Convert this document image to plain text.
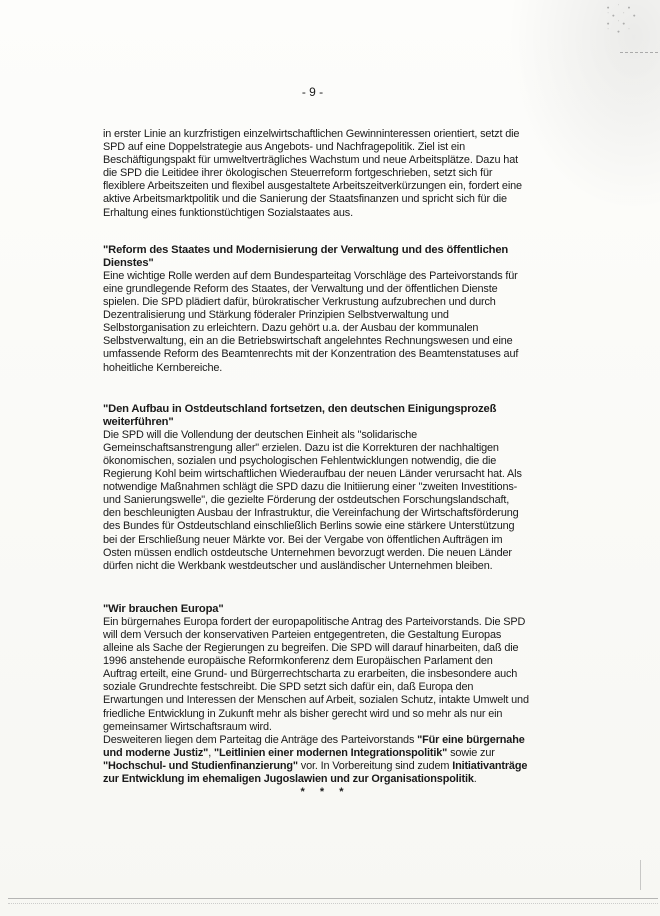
∙ ˙ ∙
˙∙ ˙ ∙
∙ ˙∙
˙ ∙ ˙
- 9 -

in erster Linie an kurzfristigen einzelwirtschaftlichen Gewinninteressen orientiert, setzt die SPD auf eine Doppelstrategie aus Angebots- und Nachfragepolitik. Ziel ist ein Beschäftigungspakt für umweltverträgliches Wachstum und neue Arbeitsplätze. Dazu hat die SPD die Leitidee ihrer ökologischen Steuerreform fortgeschrieben, setzt sich für flexiblere Arbeitszeiten und flexibel ausgestaltete Arbeitszeitverkürzungen ein, fordert eine aktive Arbeitsmarktpolitik und die Sanierung der Staatsfinanzen und spricht sich für die Erhaltung eines funktionstüchtigen Sozialstaates aus.

"Reform des Staates und Modernisierung der Verwaltung und des öffentlichen Dienstes"

Eine wichtige Rolle werden auf dem Bundesparteitag Vorschläge des Parteivorstands für eine grundlegende Reform des Staates, der Verwaltung und der öffentlichen Dienste spielen. Die SPD plädiert dafür, bürokratischer Verkrustung aufzubrechen und durch Dezentralisierung und Stärkung föderaler Prinzipien Selbstverwaltung und Selbstorganisation zu erleichtern. Dazu gehört u.a. der Ausbau der kommunalen Selbstverwaltung, ein an die Betriebswirtschaft angelehntes Rechnungswesen und eine umfassende Reform des Beamtenrechts mit der Konzentration des Beamtenstatuses auf hoheitliche Kernbereiche.

"Den Aufbau in Ostdeutschland fortsetzen, den deutschen Einigungsprozeß weiterführen"

Die SPD will die Vollendung der deutschen Einheit als "solidarische Gemeinschaftsanstrengung aller" erzielen. Dazu ist die Korrekturen der nachhaltigen ökonomischen, sozialen und psychologischen Fehlentwicklungen notwendig, die die Regierung Kohl beim wirtschaftlichen Wiederaufbau der neuen Länder verursacht hat. Als notwendige Maßnahmen schlägt die SPD dazu die Initiierung einer "zweiten Investitions- und Sanierungswelle", die gezielte Förderung der ostdeutschen Forschungslandschaft, den beschleunigten Ausbau der Infrastruktur, die Vereinfachung der Wirtschaftsförderung des Bundes für Ostdeutschland einschließlich Berlins sowie eine stärkere Unterstützung bei der Erschließung neuer Märkte vor. Bei der Vergabe von öffentlichen Aufträgen im Osten müssen endlich ostdeutsche Unternehmen bevorzugt werden. Die neuen Länder dürfen nicht die Werkbank westdeutscher und ausländischer Unternehmen bleiben.

"Wir brauchen Europa"

Ein bürgernahes Europa fordert der europapolitische Antrag des Parteivorstands. Die SPD will dem Versuch der konservativen Parteien entgegentreten, die Gestaltung Europas alleine als Sache der Regierungen zu begreifen. Die SPD will darauf hinarbeiten, daß die 1996 anstehende europäische Reformkonferenz dem Europäischen Parlament den Auftrag erteilt, eine Grund- und Bürgerrechtscharta zu erarbeiten, die insbesondere auch soziale Grundrechte festschreibt. Die SPD setzt sich dafür ein, daß Europa den Erwartungen und Interessen der Menschen auf Arbeit, sozialen Schutz, intakte Umwelt und friedliche Entwicklung in Zukunft mehr als bisher gerecht wird und so mehr als nur ein gemeinsamer Wirtschaftsraum wird.

Desweiteren liegen dem Parteitag die Anträge des Parteivorstands "Für eine bürgernahe und moderne Justiz", "Leitlinien einer modernen Integrationspolitik" sowie zur "Hochschul- und Studienfinanzierung" vor. In Vorbereitung sind zudem Initiativanträge zur Entwicklung im ehemaligen Jugoslawien und zur Organisationspolitik.

* * *
